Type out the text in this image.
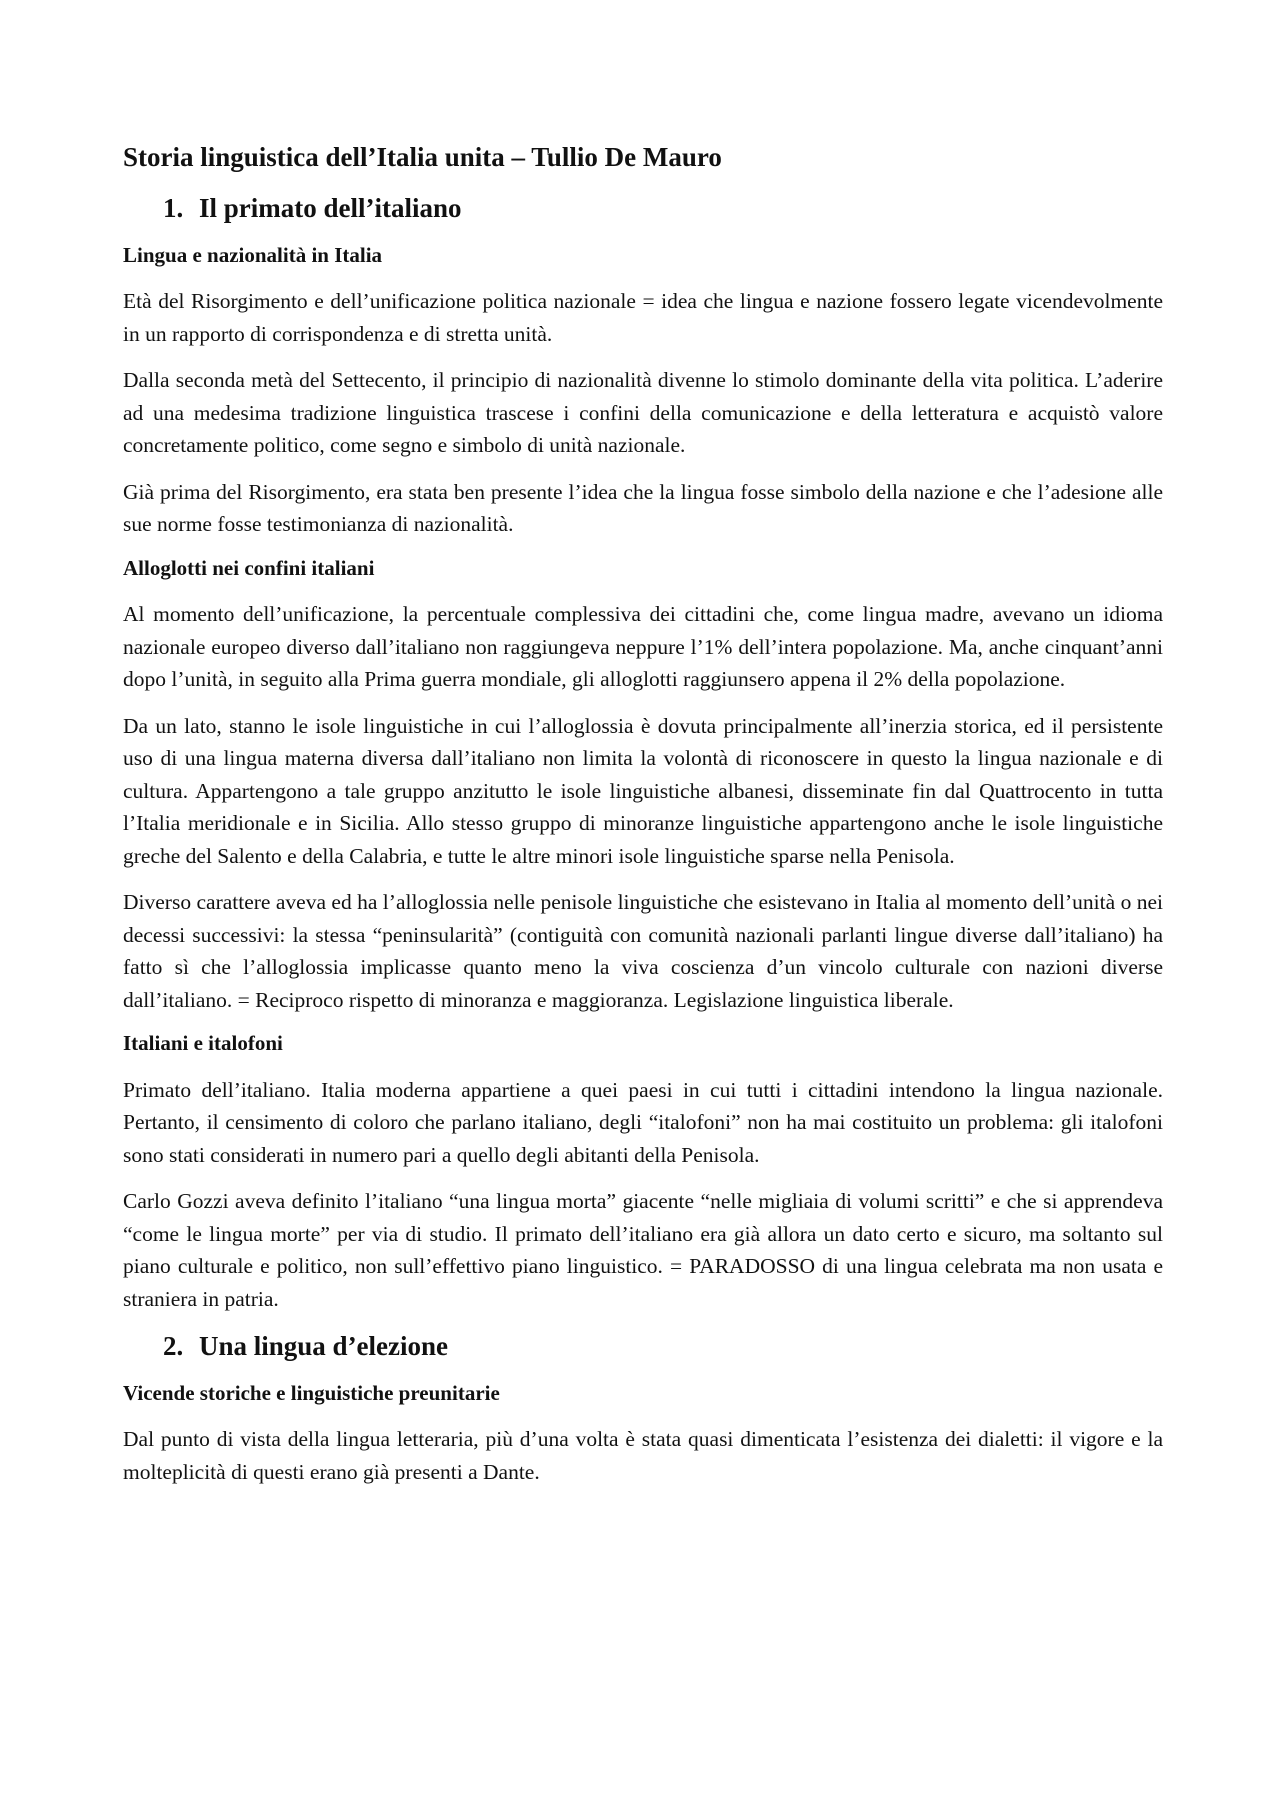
Storia linguistica dell’Italia unita – Tullio De Mauro
1. Il primato dell’italiano
Lingua e nazionalità in Italia

Età del Risorgimento e dell’unificazione politica nazionale = idea che lingua e nazione fossero legate vicendevolmente in un rapporto di corrispondenza e di stretta unità.

Dalla seconda metà del Settecento, il principio di nazionalità divenne lo stimolo dominante della vita politica. L’aderire ad una medesima tradizione linguistica trascese i confini della comunicazione e della letteratura e acquistò valore concretamente politico, come segno e simbolo di unità nazionale.

Già prima del Risorgimento, era stata ben presente l’idea che la lingua fosse simbolo della nazione e che l’adesione alle sue norme fosse testimonianza di nazionalità.

Alloglotti nei confini italiani

Al momento dell’unificazione, la percentuale complessiva dei cittadini che, come lingua madre, avevano un idioma nazionale europeo diverso dall’italiano non raggiungeva neppure l’1% dell’intera popolazione. Ma, anche cinquant’anni dopo l’unità, in seguito alla Prima guerra mondiale, gli alloglotti raggiunsero appena il 2% della popolazione.

Da un lato, stanno le isole linguistiche in cui l’alloglossia è dovuta principalmente all’inerzia storica, ed il persistente uso di una lingua materna diversa dall’italiano non limita la volontà di riconoscere in questo la lingua nazionale e di cultura. Appartengono a tale gruppo anzitutto le isole linguistiche albanesi, disseminate fin dal Quattrocento in tutta l’Italia meridionale e in Sicilia. Allo stesso gruppo di minoranze linguistiche appartengono anche le isole linguistiche greche del Salento e della Calabria, e tutte le altre minori isole linguistiche sparse nella Penisola.

Diverso carattere aveva ed ha l’alloglossia nelle penisole linguistiche che esistevano in Italia al momento dell’unità o nei decessi successivi: la stessa “peninsularità” (contiguità con comunità nazionali parlanti lingue diverse dall’italiano) ha fatto sì che l’alloglossia implicasse quanto meno la viva coscienza d’un vincolo culturale con nazioni diverse dall’italiano. = Reciproco rispetto di minoranza e maggioranza. Legislazione linguistica liberale.

Italiani e italofoni

Primato dell’italiano. Italia moderna appartiene a quei paesi in cui tutti i cittadini intendono la lingua nazionale. Pertanto, il censimento di coloro che parlano italiano, degli “italofoni” non ha mai costituito un problema: gli italofoni sono stati considerati in numero pari a quello degli abitanti della Penisola.

Carlo Gozzi aveva definito l’italiano “una lingua morta” giacente “nelle migliaia di volumi scritti” e che si apprendeva “come le lingua morte” per via di studio. Il primato dell’italiano era già allora un dato certo e sicuro, ma soltanto sul piano culturale e politico, non sull’effettivo piano linguistico. = PARADOSSO di una lingua celebrata ma non usata e straniera in patria.

2. Una lingua d’elezione
Vicende storiche e linguistiche preunitarie

Dal punto di vista della lingua letteraria, più d’una volta è stata quasi dimenticata l’esistenza dei dialetti: il vigore e la molteplicità di questi erano già presenti a Dante.
